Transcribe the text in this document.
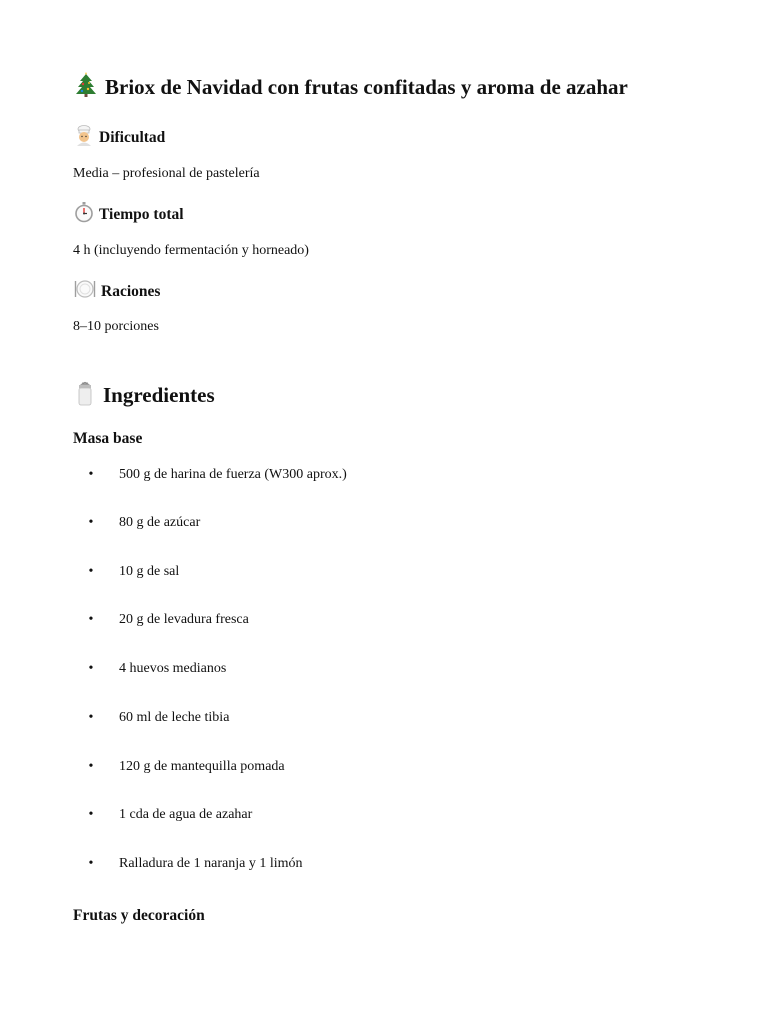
Briox de Navidad con frutas confitadas y aroma de azahar
Dificultad
Media – profesional de pastelería
Tiempo total
4 h (incluyendo fermentación y horneado)
Raciones
8–10 porciones
Ingredientes
Masa base
• 500 g de harina de fuerza (W300 aprox.)
• 80 g de azúcar
• 10 g de sal
• 20 g de levadura fresca
• 4 huevos medianos
• 60 ml de leche tibia
• 120 g de mantequilla pomada
• 1 cda de agua de azahar
• Ralladura de 1 naranja y 1 limón
Frutas y decoración
